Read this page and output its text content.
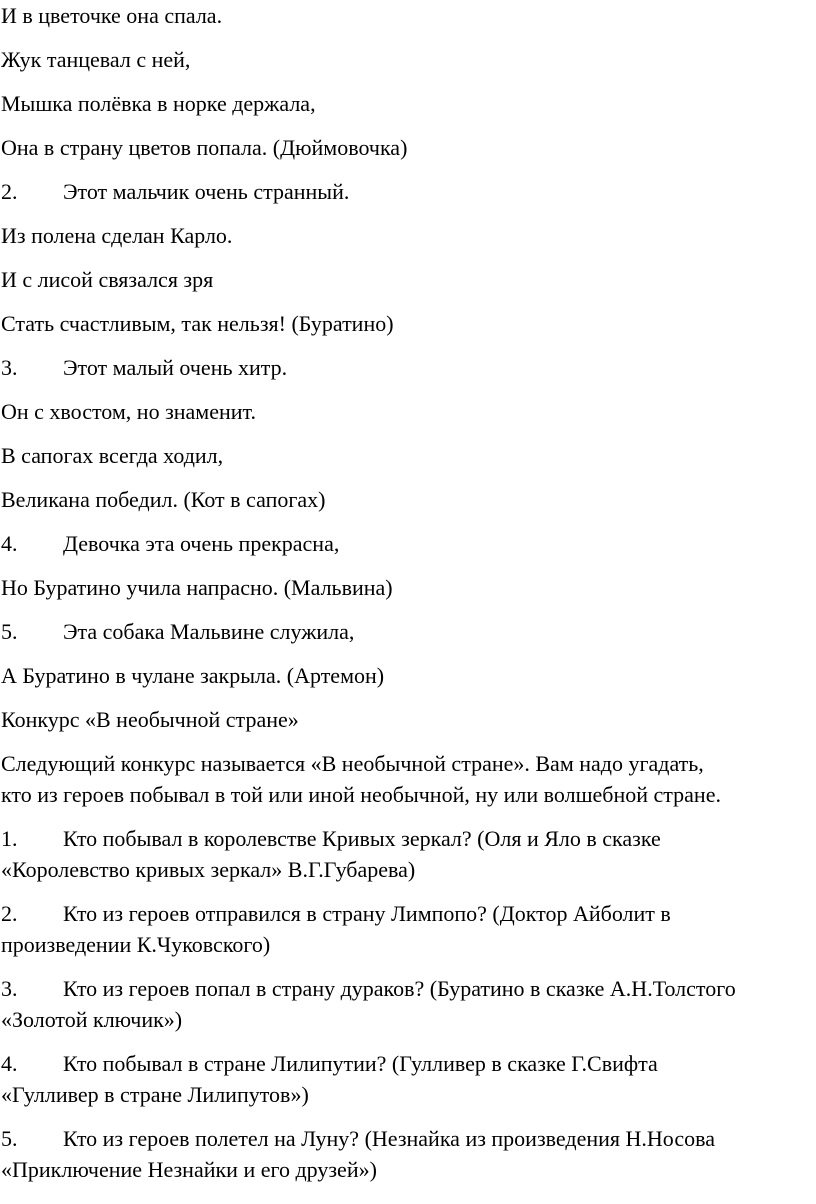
И в цветочке она спала.
Жук танцевал с ней,
Мышка полёвка в норке держала,
Она в страну цветов попала. (Дюймовочка)
2. Этот мальчик очень странный.
Из полена сделан Карло.
И с лисой связался зря
Стать счастливым, так нельзя! (Буратино)
3. Этот малый очень хитр.
Он с хвостом, но знаменит.
В сапогах всегда ходил,
Великана победил. (Кот в сапогах)
4. Девочка эта очень прекрасна,
Но Буратино учила напрасно. (Мальвина)
5. Эта собака Мальвине служила,
А Буратино в чулане закрыла. (Артемон)
Конкурс «В необычной стране»
Следующий конкурс называется «В необычной стране». Вам надо угадать,
кто из героев побывал в той или иной необычной, ну или волшебной стране.
1. Кто побывал в королевстве Кривых зеркал? (Оля и Яло в сказке
«Королевство кривых зеркал» В.Г.Губарева)
2. Кто из героев отправился в страну Лимпопо? (Доктор Айболит в
произведении К.Чуковского)
3. Кто из героев попал в страну дураков? (Буратино в сказке А.Н.Толстого
«Золотой ключик»)
4. Кто побывал в стране Лилипутии? (Гулливер в сказке Г.Свифта
«Гулливер в стране Лилипутов»)
5. Кто из героев полетел на Луну? (Незнайка из произведения Н.Носова
«Приключение Незнайки и его друзей»)
